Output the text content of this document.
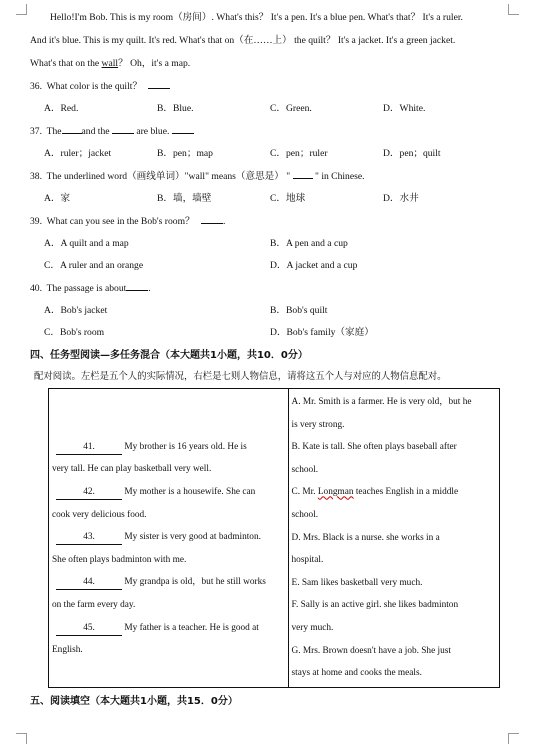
Hello!I'm Bob. This is my room（房间）. What's this？ It's a pen. It's a blue pen. What's that？ It's a ruler.
And it's blue. This is my quilt. It's red. What's that on（在……上） the quilt？ It's a jacket. It's a green jacket.
What's that on the wall？ Oh，it's a map.
36. What color is the quilt？
A．Red.	B．Blue.	C．Green.	D．White.
37. The and the	are blue.
A．ruler；jacket	B．pen；map	C．pen；ruler	D．pen；quilt
38. The underlined word（画线单词）"wall" means（意思是） "	" in Chinese.
A．家	B．墙，墙壁	C．地球	D．水井
39. What can you see in the Bob's room？	.
A．A quilt and a map	B．A pen and a cup
C．A ruler and an orange	D．A jacket and a cup
40. The passage is about .
A．Bob's jacket	B．Bob's quilt
C．Bob's room	D．Bob's family（家庭）
四、任务型阅读—多任务混合（本大题共1小题，共10．0分）
配对阅读。左栏是五个人的实际情况，右栏是七则人物信息，请将这五个人与对应的人物信息配对。
41.	My brother is 16 years old. He is
very tall. He can play basketball very well.
42.	My mother is a housewife. She can
cook very delicious food.
43.	My sister is very good at badminton.
She often plays badminton with me.
44.	My grandpa is old，but he still works
on the farm every day.
45.	My father is a teacher. He is good at
English.

A. Mr. Smith is a farmer. He is very old，but he
is very strong.
B. Kate is tall. She often plays baseball after
school.
C. Mr. Longman teaches English in a middle
school.
D. Mrs. Black is a nurse. she works in a
hospital.
E. Sam likes basketball very much.
F. Sally is an active girl. she likes badminton
very much.
G. Mrs. Brown doesn't have a job. She just
stays at home and cooks the meals.
五、阅读填空（本大题共1小题，共15．0分）
